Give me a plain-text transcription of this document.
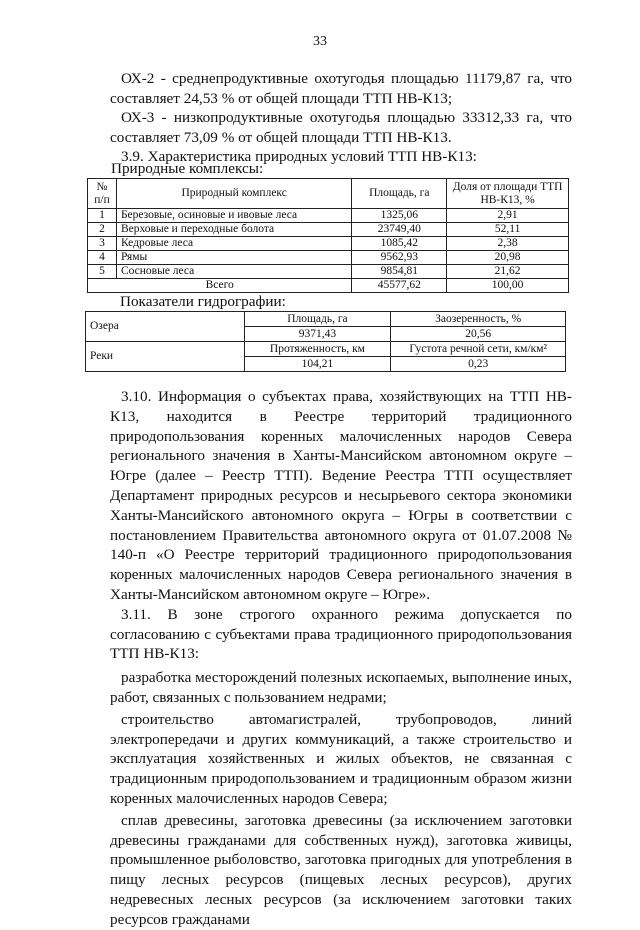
33

ОХ-2 - среднепродуктивные охотугодья площадью 11179,87 га, что составляет 24,53 % от общей площади ТТП НВ-К13;

ОХ-3 - низкопродуктивные охотугодья площадью 33312,33 га, что составляет 73,09 % от общей площади ТТП НВ-К13.

3.9. Характеристика природных условий ТТП НВ-К13:

Природные комплексы:
№ п/п	Природный комплекс	Площадь, га	Доля от площади ТТП НВ-К13, %
1	Березовые, осиновые и ивовые леса	1325,06	2,91
2	Верховые и переходные болота	23749,40	52,11
3	Кедровые леса	1085,42	2,38
4	Рямы	9562,93	20,98
5	Сосновые леса	9854,81	21,62
Всего		45577,62	100,00
Показатели гидрографии:
Озера	Площадь, га	Заозеренность, %
	9371,43	20,56
Реки	Протяженность, км	Густота речной сети, км/км²
	104,21	0,23

3.10. Информация о субъектах права, хозяйствующих на ТТП НВ-К13, находится в Реестре территорий традиционного природопользования коренных малочисленных народов Севера регионального значения в Ханты-Мансийском автономном округе – Югре (далее – Реестр ТТП). Ведение Реестра ТТП осуществляет Департамент природных ресурсов и несырьевого сектора экономики Ханты-Мансийского автономного округа – Югры в соответствии с постановлением Правительства автономного округа от 01.07.2008 № 140-п «О Реестре территорий традиционного природопользования коренных малочисленных народов Севера регионального значения в Ханты-Мансийском автономном округе – Югре».

3.11. В зоне строгого охранного режима допускается по согласованию с субъектами права традиционного природопользования ТТП НВ-К13:

разработка месторождений полезных ископаемых, выполнение иных, работ, связанных с пользованием недрами;

строительство автомагистралей, трубопроводов, линий электропередачи и других коммуникаций, а также строительство и эксплуатация хозяйственных и жилых объектов, не связанная с традиционным природопользованием и традиционным образом жизни коренных малочисленных народов Севера;

сплав древесины, заготовка древесины (за исключением заготовки древесины гражданами для собственных нужд), заготовка живицы, промышленное рыболовство, заготовка пригодных для употребления в пищу лесных ресурсов (пищевых лесных ресурсов), других недревесных лесных ресурсов (за исключением заготовки таких ресурсов гражданами
